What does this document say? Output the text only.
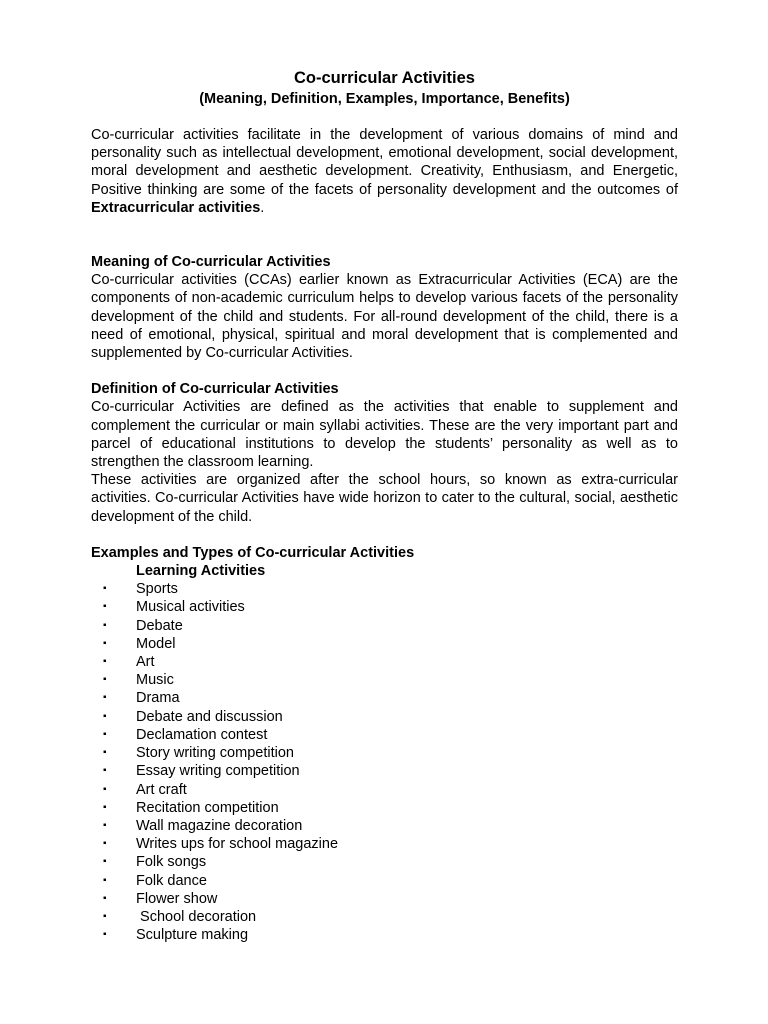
Co-curricular Activities
(Meaning, Definition, Examples, Importance, Benefits)

Co-curricular activities facilitate in the development of various domains of mind and personality such as intellectual development, emotional development, social development, moral development and aesthetic development. Creativity, Enthusiasm, and Energetic, Positive thinking are some of the facets of personality development and the outcomes of Extracurricular activities.

Meaning of Co-curricular Activities

Co-curricular activities (CCAs) earlier known as Extracurricular Activities (ECA) are the components of non-academic curriculum helps to develop various facets of the personality development of the child and students. For all-round development of the child, there is a need of emotional, physical, spiritual and moral development that is complemented and supplemented by Co-curricular Activities.

Definition of Co-curricular Activities

Co-curricular Activities are defined as the activities that enable to supplement and complement the curricular or main syllabi activities. These are the very important part and parcel of educational institutions to develop the students’ personality as well as to strengthen the classroom learning.

These activities are organized after the school hours, so known as extra-curricular activities. Co-curricular Activities have wide horizon to cater to the cultural, social, aesthetic development of the child.

Examples and Types of Co-curricular Activities
Learning Activities
▪ Sports
▪ Musical activities
▪ Debate
▪ Model
▪ Art
▪ Music
▪ Drama
▪ Debate and discussion
▪ Declamation contest
▪ Story writing competition
▪ Essay writing competition
▪ Art craft
▪ Recitation competition
▪ Wall magazine decoration
▪ Writes ups for school magazine
▪ Folk songs
▪ Folk dance
▪ Flower show
▪ School decoration
▪ Sculpture making
